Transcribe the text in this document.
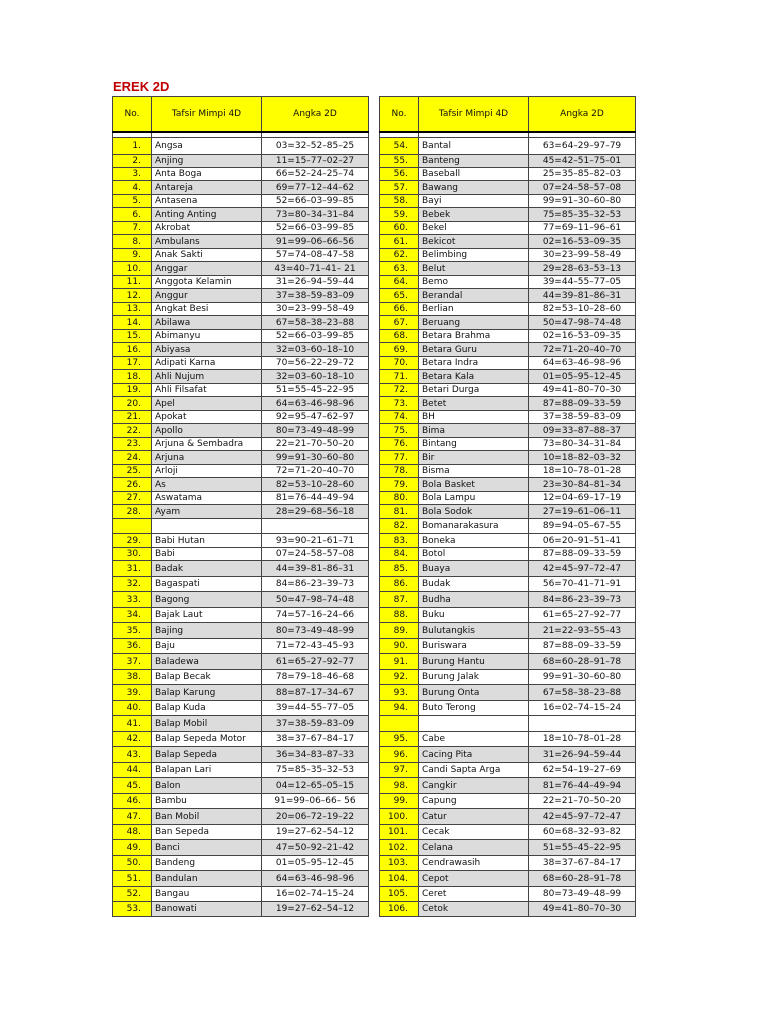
EREK 2D
No.	Tafsir Mimpi 4D	Angka 2D

1.	Angsa	03=32–52–85–25
2.	Anjing	11=15–77–02–27
3.	Anta Boga	66=52–24–25–74
4.	Antareja	69=77–12–44–62
5.	Antasena	52=66–03–99–85
6.	Anting Anting	73=80–34–31–84
7.	Akrobat	52=66–03–99–85
8.	Ambulans	91=99–06–66–56
9.	Anak Sakti	57=74–08–47–58
10.	Anggar	43=40–71–41– 21
11.	Anggota Kelamin	31=26–94–59–44
12.	Anggur	37=38–59–83–09
13.	Angkat Besi	30=23–99–58–49
14.	Abilawa	67=58–38–23–88
15.	Abimanyu	52=66–03–99–85
16.	Abiyasa	32=03–60–18–10
17.	Adipati Karna	70=56–22–29–72
18.	Ahli Nujum	32=03–60–18–10
19.	Ahli Filsafat	51=55–45–22–95
20.	Apel	64=63–46–98–96
21.	Apokat	92=95–47–62–97
22.	Apollo	80=73–49–48–99
23.	Arjuna & Sembadra	22=21–70–50–20
24.	Arjuna	99=91–30–60–80
25.	Arloji	72=71–20–40–70
26.	As	82=53–10–28–60
27.	Aswatama	81=76–44–49–94
28.	Ayam	28=29–68–56–18

29.	Babi Hutan	93=90–21–61–71
30.	Babi	07=24–58–57–08
31.	Badak	44=39–81–86–31
32.	Bagaspati	84=86–23–39–73
33.	Bagong	50=47–98–74–48
34.	Bajak Laut	74=57–16–24–66
35.	Bajing	80=73–49–48–99
36.	Baju	71=72–43–45–93
37.	Baladewa	61=65–27–92–77
38.	Balap Becak	78=79–18–46–68
39.	Balap Karung	88=87–17–34–67
40.	Balap Kuda	39=44–55–77–05
41.	Balap Mobil	37=38–59–83–09
42.	Balap Sepeda Motor	38=37–67–84–17
43.	Balap Sepeda	36=34–83–87–33
44.	Balapan Lari	75=85–35–32–53
45.	Balon	04=12–65–05–15
46.	Bambu	91=99–06–66– 56
47.	Ban Mobil	20=06–72–19–22
48.	Ban Sepeda	19=27–62–54–12
49.	Banci	47=50–92–21–42
50.	Bandeng	01=05–95–12–45
51.	Bandulan	64=63–46–98–96
52.	Bangau	16=02–74–15–24
53.	Banowati	19=27–62–54–12
No.	Tafsir Mimpi 4D	Angka 2D

54.	Bantal	63=64–29–97–79
55.	Banteng	45=42–51–75–01
56.	Baseball	25=35–85–82–03
57.	Bawang	07=24–58–57–08
58.	Bayi	99=91–30–60–80
59.	Bebek	75=85–35–32–53
60.	Bekel	77=69–11–96–61
61.	Bekicot	02=16–53–09–35
62.	Belimbing	30=23–99–58–49
63.	Belut	29=28–63–53–13
64.	Bemo	39=44–55–77–05
65.	Berandal	44=39–81–86–31
66.	Berlian	82=53–10–28–60
67.	Beruang	50=47–98–74–48
68.	Betara Brahma	02=16–53–09–35
69.	Betara Guru	72=71–20–40–70
70.	Betara Indra	64=63–46–98–96
71.	Betara Kala	01=05–95–12–45
72.	Betari Durga	49=41–80–70–30
73.	Betet	87=88–09–33–59
74.	BH	37=38–59–83–09
75.	Bima	09=33–87–88–37
76.	Bintang	73=80–34–31–84
77.	Bir	10=18–82–03–32
78.	Bisma	18=10–78–01–28
79.	Bola Basket	23=30–84–81–34
80.	Bola Lampu	12=04–69–17–19
81.	Bola Sodok	27=19–61–06–11
82.	Bomanarakasura	89=94–05–67–55
83.	Boneka	06=20–91–51–41
84.	Botol	87=88–09–33–59
85.	Buaya	42=45–97–72–47
86.	Budak	56=70–41–71–91
87.	Budha	84=86–23–39–73
88.	Buku	61=65–27–92–77
89.	Bulutangkis	21=22–93–55–43
90.	Buriswara	87=88–09–33–59
91.	Burung Hantu	68=60–28–91–78
92.	Burung Jalak	99=91–30–60–80
93.	Burung Onta	67=58–38–23–88
94.	Buto Terong	16=02–74–15–24

95.	Cabe	18=10–78–01–28
96.	Cacing Pita	31=26–94–59–44
97.	Candi Sapta Arga	62=54–19–27–69
98.	Cangkir	81=76–44–49–94
99.	Capung	22=21–70–50–20
100.	Catur	42=45–97–72–47
101.	Cecak	60=68–32–93–82
102.	Celana	51=55–45–22–95
103.	Cendrawasih	38=37–67–84–17
104.	Cepot	68=60–28–91–78
105.	Ceret	80=73–49–48–99
106.	Cetok	49=41–80–70–30
